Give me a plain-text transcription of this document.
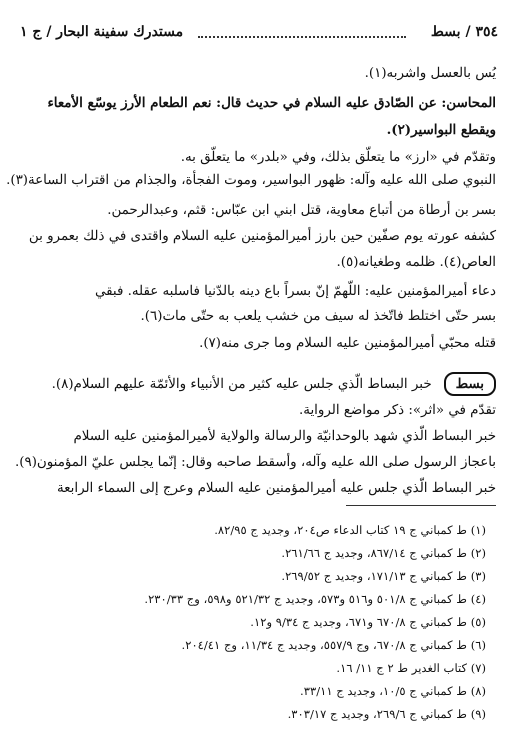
٣٥٤ / بسط
مستدرك سفينة البحار / ج ١
يُس بالعسل واشربه(١).
المحاسن: عن الصّادق عليه السلام في حديث قال: نعم الطعام الأرز يوسّع الأمعاء
ويقطع البواسير(٢).
وتقدّم في «ارز» ما يتعلّق بذلك، وفي «بلدر» ما يتعلّق به.
النبوي صلى الله عليه وآله: ظهور البواسير، وموت الفجأة، والجذام من اقتراب الساعة(٣).
بسر بن أرطاة من أتباع معاوية، قتل ابني ابن عبّاس: قثم، وعبدالرحمن.
كشفه عورته يوم صفّين حين بارز أميرالمؤمنين عليه السلام واقتدى في ذلك بعمرو بن
العاص(٤). ظلمه وطغيانه(٥).
دعاء أميرالمؤمنين عليه: اللّهمّ إنّ بسراً باع دينه بالدّنيا فاسلبه عقله. فبقي
بسر حتّى اختلط فاتّخذ له سيف من خشب يلعب به حتّى مات(٦).
قتله محبّي أميرالمؤمنين عليه السلام وما جرى منه(٧).
بسطخبر البساط الّذي جلس عليه كثير من الأنبياء والأئمّة عليهم السلام(٨).
تقدّم في «اثر»: ذكر مواضع الرواية.
خبر البساط الّذي شهد بالوحدانيّة والرسالة والولاية لأميرالمؤمنين عليه السلام
باعجاز الرسول صلى الله عليه وآله، وأسقط صاحبه وقال: إنّما يجلس عليّ المؤمنون(٩).
خبر البساط الّذي جلس عليه أميرالمؤمنين عليه السلام وعرج إلى السماء الرابعة
(١) ط كمباني ج ١٩ كتاب الدعاء ص٢٠٤، وجديد ج ٨٢/٩٥.
(٢) ط كمباني ج ٨٦٧/١٤، وجديد ج ٢٦١/٦٦.
(٣) ط كمباني ج ١٧١/١٣، وجديد ج ٢٦٩/٥٢.
(٤) ط كمباني ج ٥٠١/٨ و٥١٦ و٥٧٣، وجديد ج ٥٢١/٣٢ و٥٩٨، وج ٢٣٠/٣٣.
(٥) ط كمباني ج ٦٧٠/٨ و٦٧١، وجديد ج ٩/٣٤ و١٢.
(٦) ط كمباني ج ٦٧٠/٨، وج ٥٥٧/٩، وجديد ج ١١/٣٤، وج ٢٠٤/٤١.
(٧) كتاب الغدير ط ٢ ج ١١/ ١٦.
(٨) ط كمباني ج ١٠/٥، وجديد ج ٣٣/١١.
(٩) ط كمباني ج ٢٦٩/٦، وجديد ج ٣٠٣/١٧.
